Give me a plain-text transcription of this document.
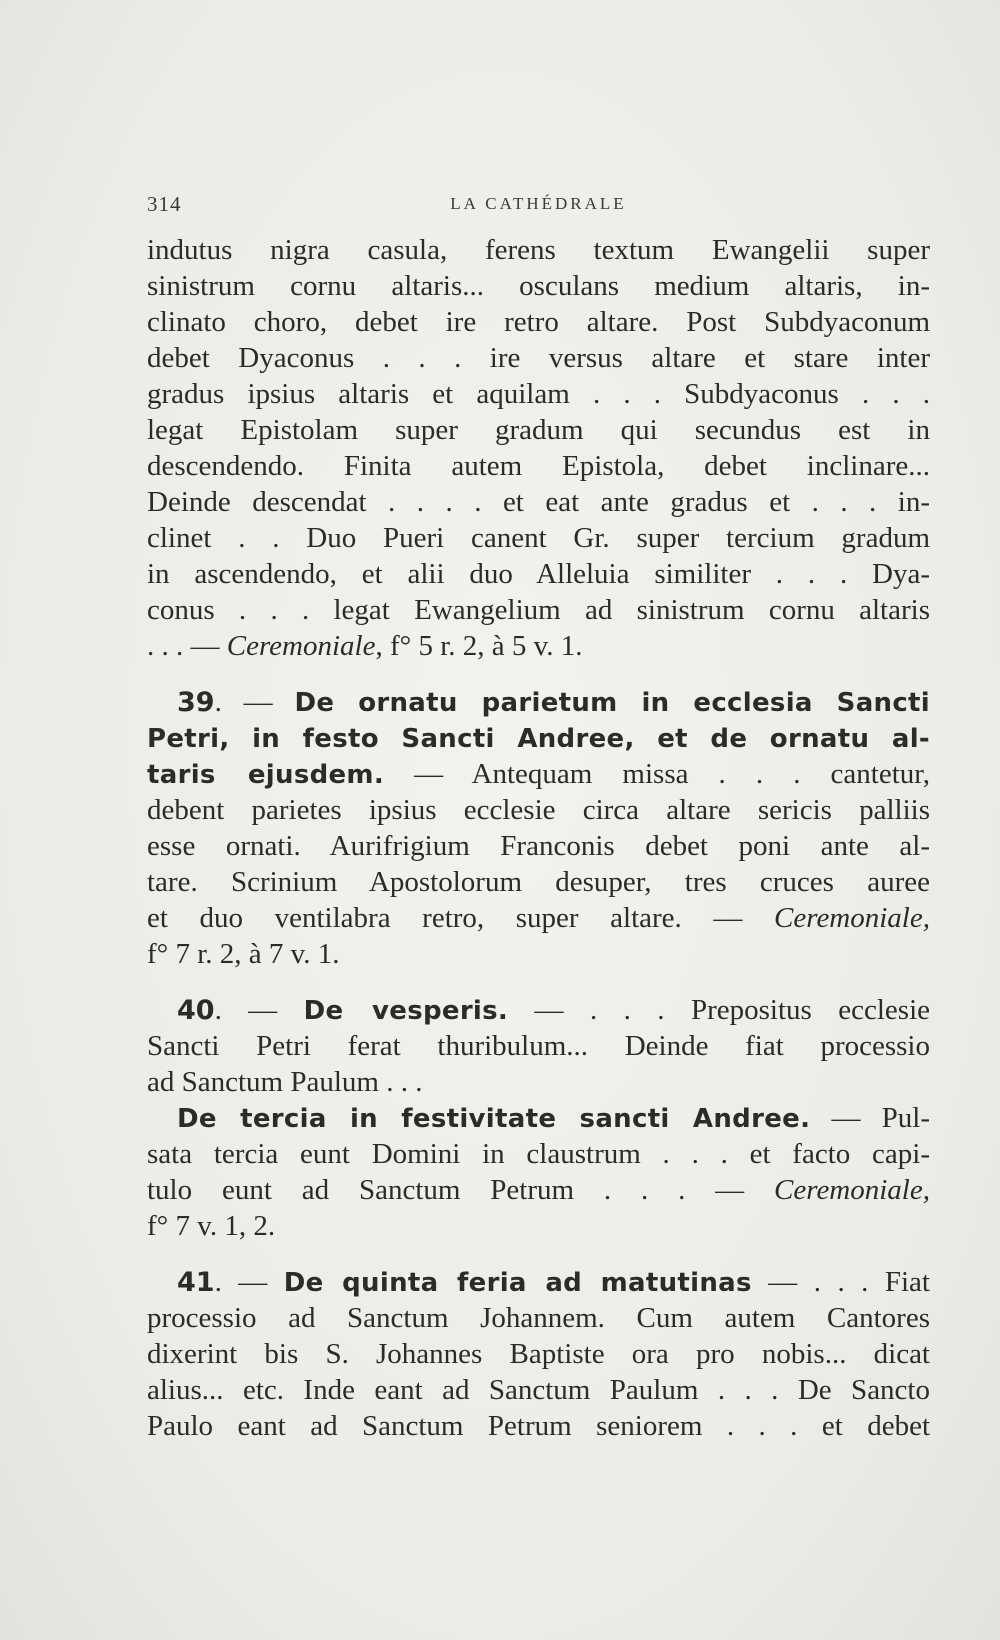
314	LA CATHÉDRALE
indutus nigra casula, ferens textum Ewangelii super
sinistrum cornu altaris... osculans medium altaris, in-
clinato choro, debet ire retro altare. Post Subdyaconum
debet Dyaconus . . . ire versus altare et stare inter
gradus ipsius altaris et aquilam . . . Subdyaconus . . .
legat Epistolam super gradum qui secundus est in
descendendo. Finita autem Epistola, debet inclinare...
Deinde descendat . . . . et eat ante gradus et . . . in-
clinet . . Duo Pueri canent Gr. super tercium gradum
in ascendendo, et alii duo Alleluia similiter . . . Dya-
conus . . . legat Ewangelium ad sinistrum cornu altaris
. . . — Ceremoniale, f° 5 r. 2, à 5 v. 1.
39. — De ornatu parietum in ecclesia Sancti
Petri, in festo Sancti Andree, et de ornatu al-
taris ejusdem. — Antequam missa . . . cantetur,
debent parietes ipsius ecclesie circa altare sericis palliis
esse ornati. Aurifrigium Franconis debet poni ante al-
tare. Scrinium Apostolorum desuper, tres cruces auree
et duo ventilabra retro, super altare. — Ceremoniale,
f° 7 r. 2, à 7 v. 1.
40. — De vesperis. — . . . Prepositus ecclesie
Sancti Petri ferat thuribulum... Deinde fiat processio
ad Sanctum Paulum . . .
De tercia in festivitate sancti Andree. — Pul-
sata tercia eunt Domini in claustrum . . . et facto capi-
tulo eunt ad Sanctum Petrum . . . — Ceremoniale,
f° 7 v. 1, 2.
41. — De quinta feria ad matutinas — . . . Fiat
processio ad Sanctum Johannem. Cum autem Cantores
dixerint bis S. Johannes Baptiste ora pro nobis... dicat
alius... etc. Inde eant ad Sanctum Paulum . . . De Sancto
Paulo eant ad Sanctum Petrum seniorem . . . et debet
